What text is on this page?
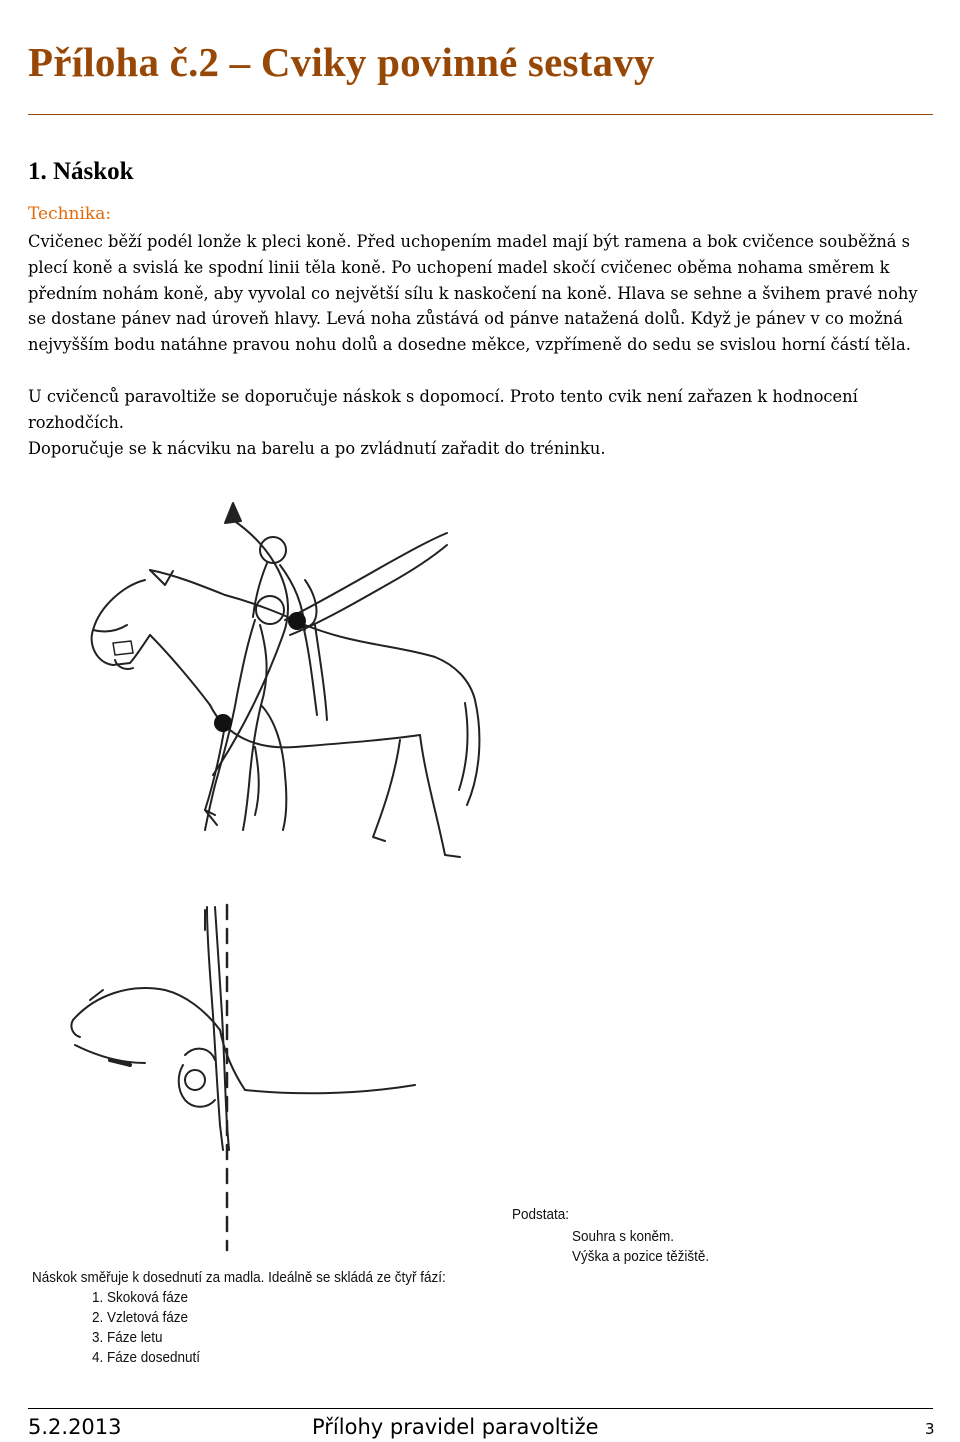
Příloha č.2 – Cviky povinné sestavy
1. Náskok

Technika:

Cvičenec běží podél lonže k pleci koně. Před uchopením madel mají být ramena a bok cvičence souběžná s plecí koně a svislá ke spodní linii těla koně. Po uchopení madel skočí cvičenec oběma nohama směrem k předním nohám koně, aby vyvolal co největší sílu k naskočení na koně. Hlava se sehne a švihem pravé nohy se dostane pánev nad úroveň hlavy. Levá noha zůstává od pánve natažená dolů. Když je pánev v co možná nejvyšším bodu natáhne pravou nohu dolů a dosedne měkce, vzpřímeně do sedu se svislou horní částí těla.

U cvičenců paravoltiže se doporučuje náskok s dopomocí. Proto tento cvik není zařazen k hodnocení rozhodčích.

Doporučuje se k nácviku na barelu a po zvládnutí zařadit do tréninku.

Podstata:

Souhra s koněm.

Výška a pozice těžiště.

Náskok směřuje k dosednutí za madla. Ideálně se skládá ze čtyř fází:

1. Skoková fáze

2. Vzletová fáze

3. Fáze letu

4. Fáze dosednutí

5.2.2013	Přílohy pravidel paravoltiže	3
